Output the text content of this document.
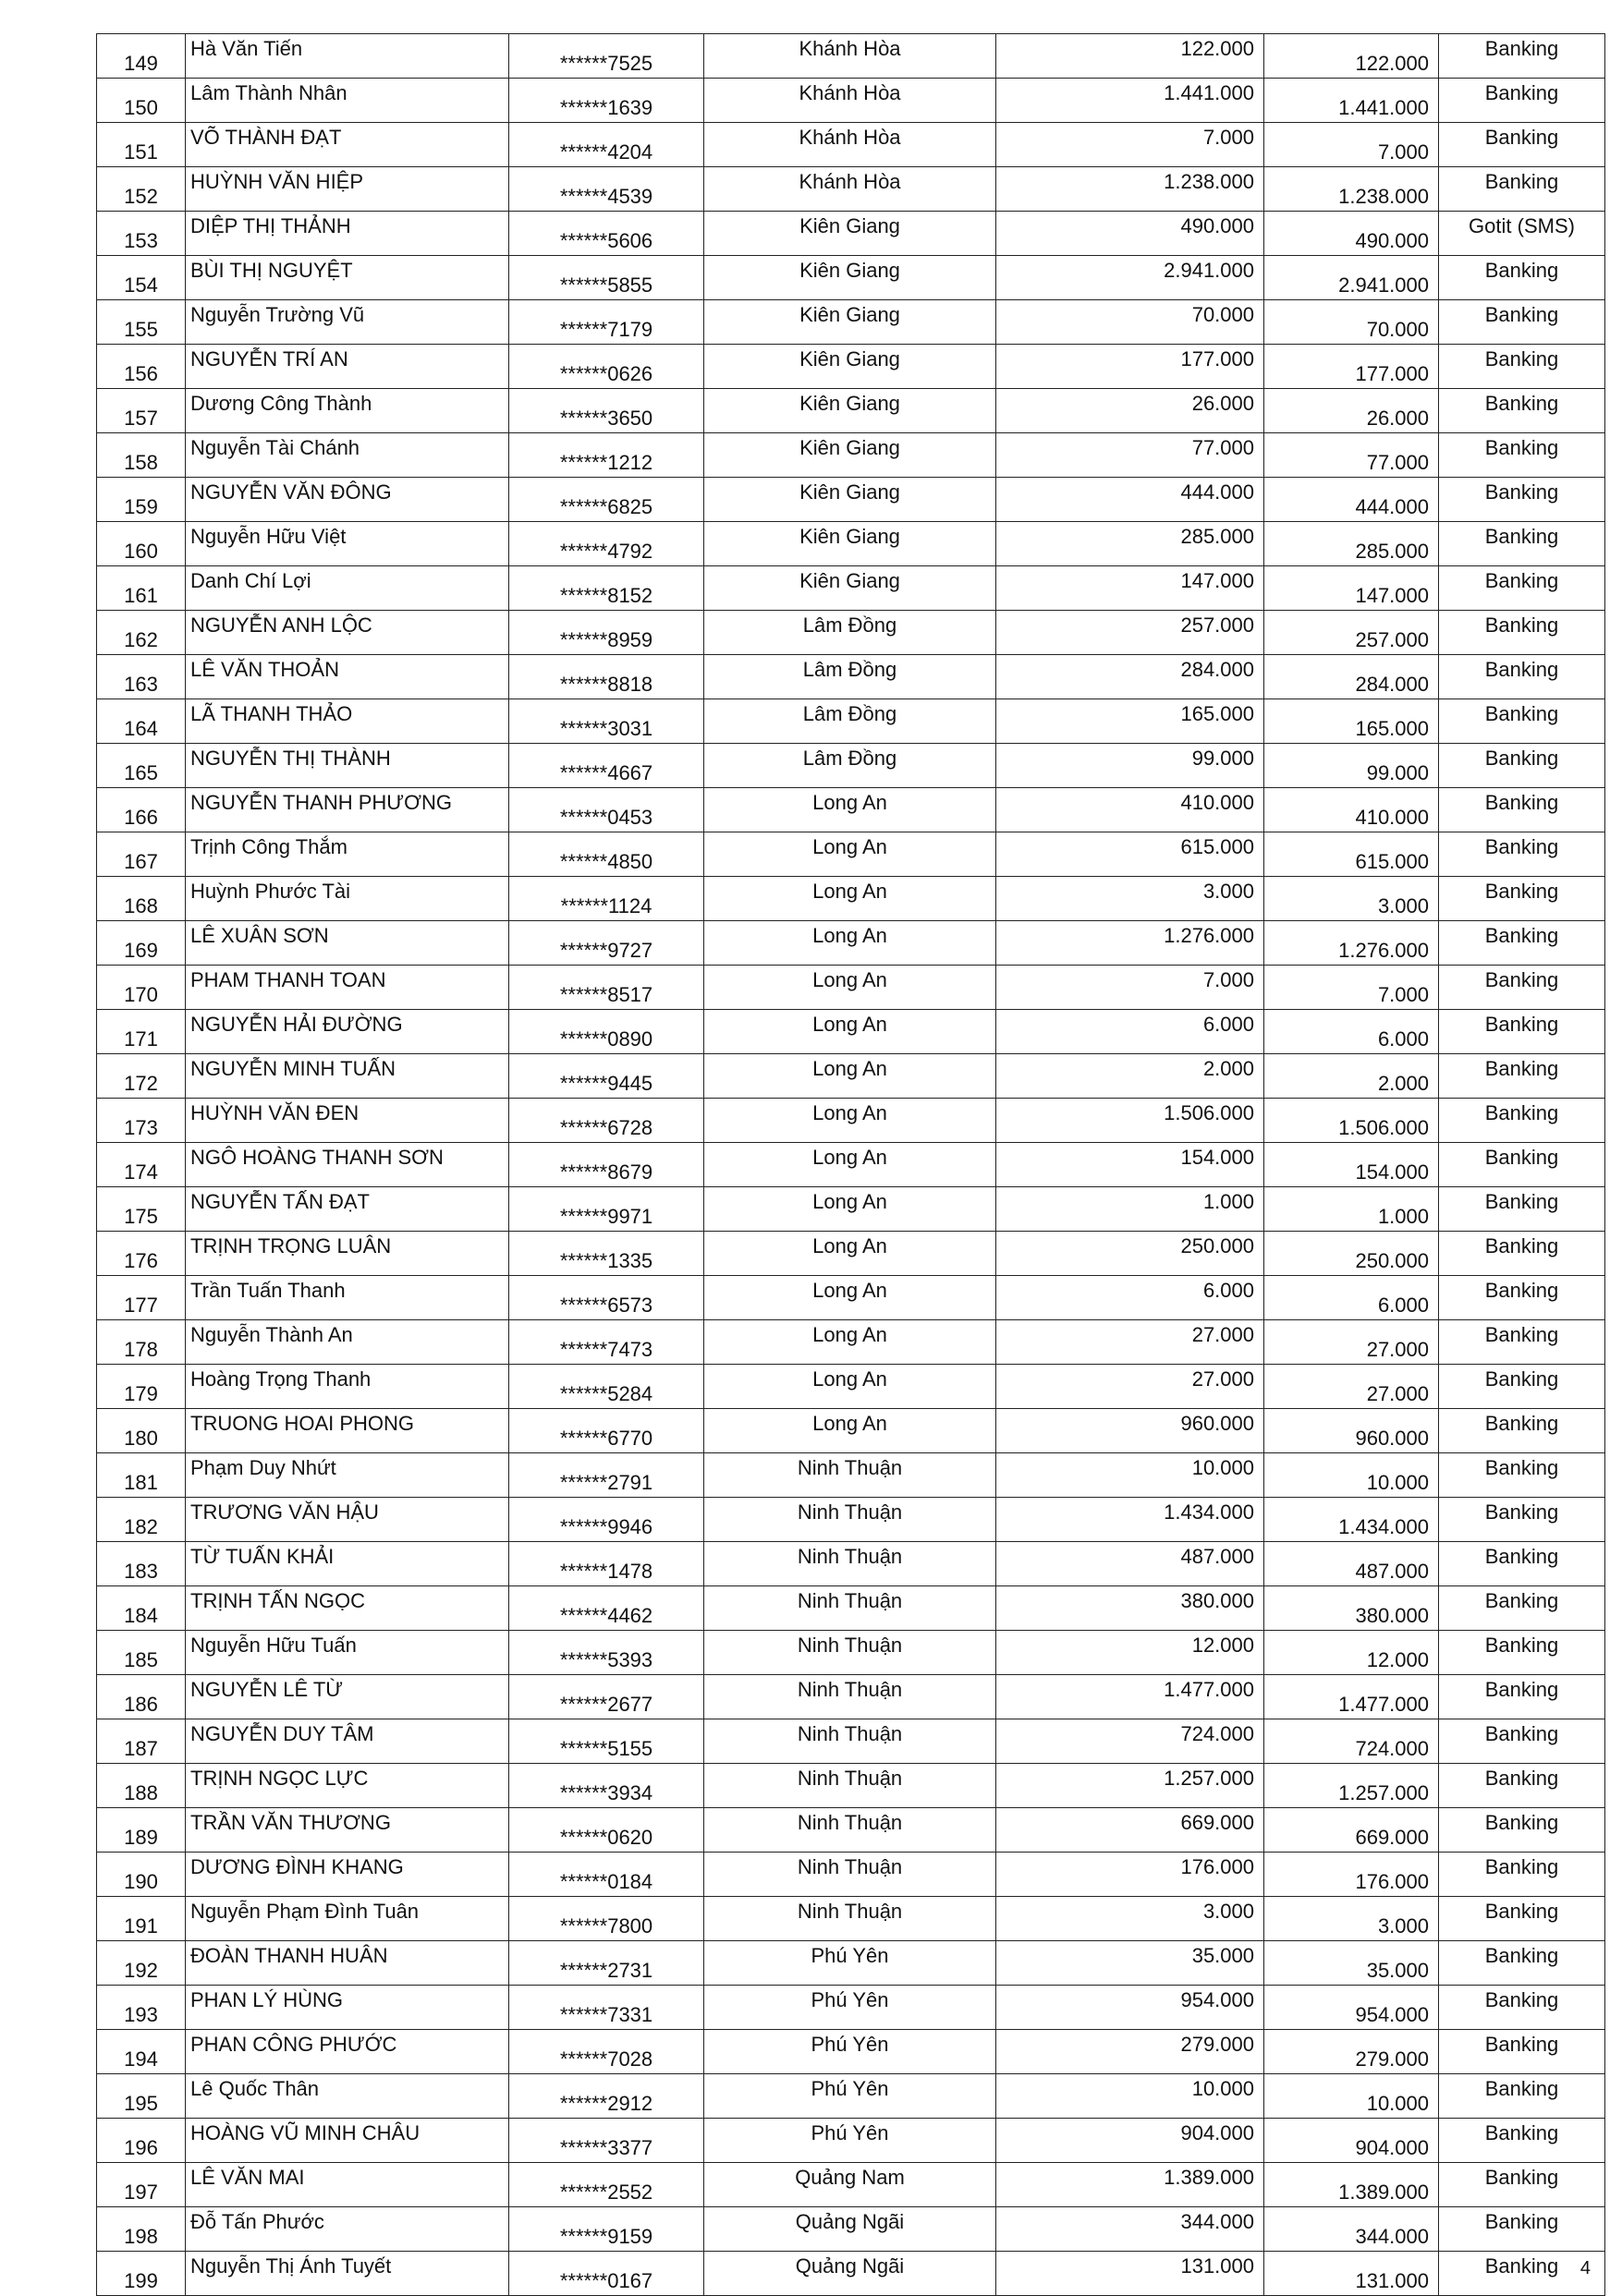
149	Hà Văn Tiến	******7525	Khánh Hòa	122.000	122.000	Banking
150	Lâm Thành Nhân	******1639	Khánh Hòa	1.441.000	1.441.000	Banking
151	VÕ THÀNH ĐẠT	******4204	Khánh Hòa	7.000	7.000	Banking
152	HUỲNH VĂN HIỆP	******4539	Khánh Hòa	1.238.000	1.238.000	Banking
153	DIỆP THỊ THẢNH	******5606	Kiên Giang	490.000	490.000	Gotit (SMS)
154	BÙI THỊ NGUYỆT	******5855	Kiên Giang	2.941.000	2.941.000	Banking
155	Nguyễn Trường Vũ	******7179	Kiên Giang	70.000	70.000	Banking
156	NGUYỄN TRÍ AN	******0626	Kiên Giang	177.000	177.000	Banking
157	Dương Công Thành	******3650	Kiên Giang	26.000	26.000	Banking
158	Nguyễn Tài Chánh	******1212	Kiên Giang	77.000	77.000	Banking
159	NGUYỄN VĂN ĐÔNG	******6825	Kiên Giang	444.000	444.000	Banking
160	Nguyễn Hữu Việt	******4792	Kiên Giang	285.000	285.000	Banking
161	Danh Chí Lợi	******8152	Kiên Giang	147.000	147.000	Banking
162	NGUYỄN ANH LỘC	******8959	Lâm Đồng	257.000	257.000	Banking
163	LÊ VĂN THOẢN	******8818	Lâm Đồng	284.000	284.000	Banking
164	LÃ THANH THẢO	******3031	Lâm Đồng	165.000	165.000	Banking
165	NGUYỄN THỊ THÀNH	******4667	Lâm Đồng	99.000	99.000	Banking
166	NGUYỄN THANH PHƯƠNG	******0453	Long An	410.000	410.000	Banking
167	Trịnh Công Thắm	******4850	Long An	615.000	615.000	Banking
168	Huỳnh Phước Tài	******1124	Long An	3.000	3.000	Banking
169	LÊ XUÂN SƠN	******9727	Long An	1.276.000	1.276.000	Banking
170	PHAM THANH TOAN	******8517	Long An	7.000	7.000	Banking
171	NGUYỄN HẢI ĐƯỜNG	******0890	Long An	6.000	6.000	Banking
172	NGUYỄN MINH TUẤN	******9445	Long An	2.000	2.000	Banking
173	HUỲNH VĂN ĐEN	******6728	Long An	1.506.000	1.506.000	Banking
174	NGÔ HOÀNG THANH SƠN	******8679	Long An	154.000	154.000	Banking
175	NGUYỄN TẤN ĐẠT	******9971	Long An	1.000	1.000	Banking
176	TRỊNH TRỌNG LUÂN	******1335	Long An	250.000	250.000	Banking
177	Trần Tuấn Thanh	******6573	Long An	6.000	6.000	Banking
178	Nguyễn Thành An	******7473	Long An	27.000	27.000	Banking
179	Hoàng Trọng Thanh	******5284	Long An	27.000	27.000	Banking
180	TRUONG HOAI PHONG	******6770	Long An	960.000	960.000	Banking
181	Phạm Duy Nhứt	******2791	Ninh Thuận	10.000	10.000	Banking
182	TRƯƠNG VĂN HẬU	******9946	Ninh Thuận	1.434.000	1.434.000	Banking
183	TỪ TUẤN KHẢI	******1478	Ninh Thuận	487.000	487.000	Banking
184	TRỊNH TẤN NGỌC	******4462	Ninh Thuận	380.000	380.000	Banking
185	Nguyễn Hữu Tuấn	******5393	Ninh Thuận	12.000	12.000	Banking
186	NGUYỄN LÊ TỪ	******2677	Ninh Thuận	1.477.000	1.477.000	Banking
187	NGUYỄN DUY TÂM	******5155	Ninh Thuận	724.000	724.000	Banking
188	TRỊNH NGỌC LỰC	******3934	Ninh Thuận	1.257.000	1.257.000	Banking
189	TRẦN VĂN THƯƠNG	******0620	Ninh Thuận	669.000	669.000	Banking
190	DƯƠNG ĐÌNH KHANG	******0184	Ninh Thuận	176.000	176.000	Banking
191	Nguyễn Phạm Đình Tuân	******7800	Ninh Thuận	3.000	3.000	Banking
192	ĐOÀN THANH HUÂN	******2731	Phú Yên	35.000	35.000	Banking
193	PHAN LÝ HÙNG	******7331	Phú Yên	954.000	954.000	Banking
194	PHAN CÔNG PHƯỚC	******7028	Phú Yên	279.000	279.000	Banking
195	Lê Quốc Thân	******2912	Phú Yên	10.000	10.000	Banking
196	HOÀNG VŨ MINH CHÂU	******3377	Phú Yên	904.000	904.000	Banking
197	LÊ VĂN MAI	******2552	Quảng Nam	1.389.000	1.389.000	Banking
198	Đỗ Tấn Phước	******9159	Quảng Ngãi	344.000	344.000	Banking
199	Nguyễn Thị Ánh Tuyết	******0167	Quảng Ngãi	131.000	131.000	Banking 4
